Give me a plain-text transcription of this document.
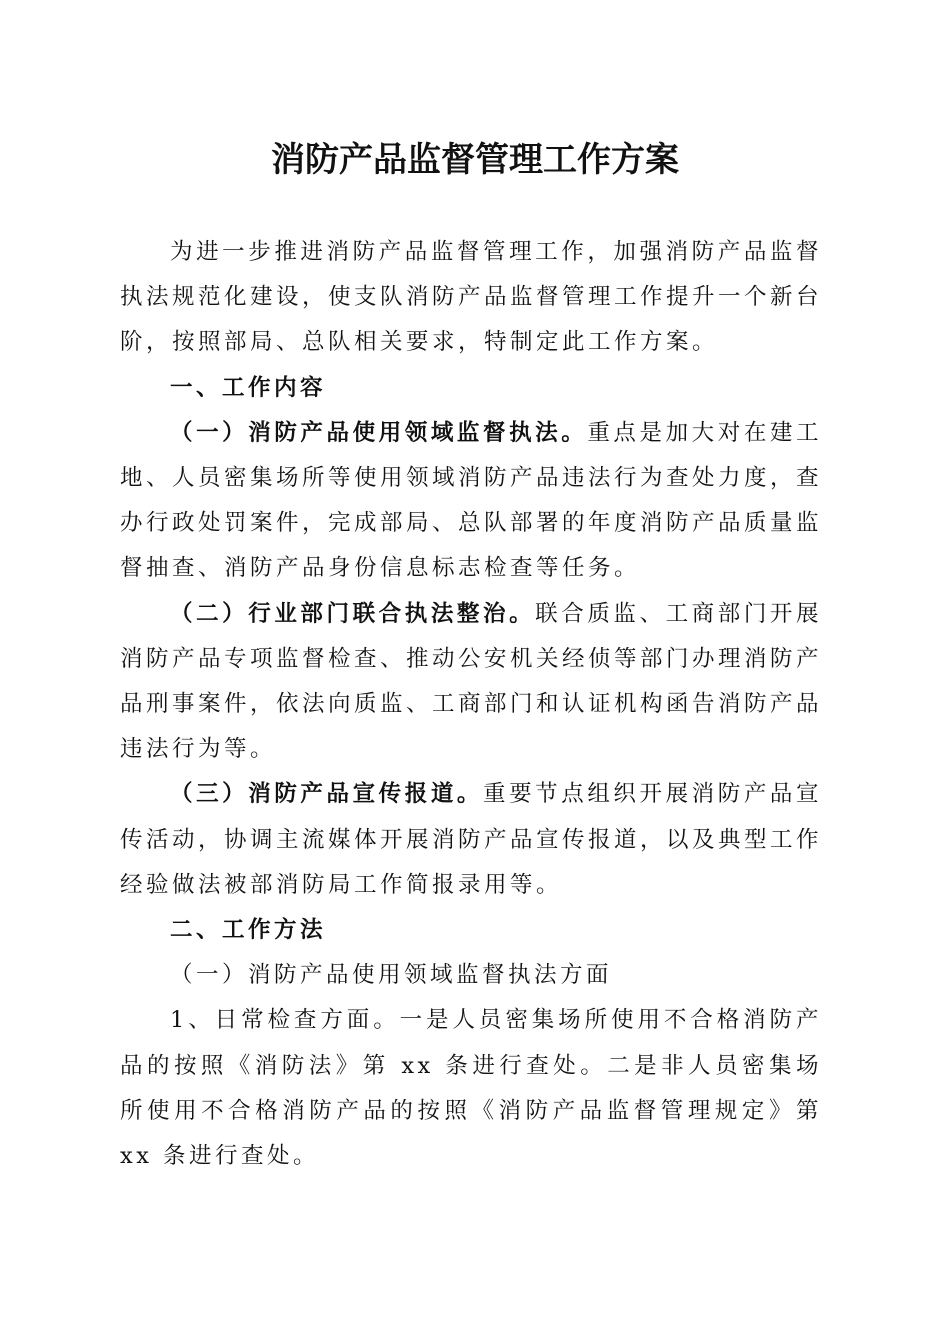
消防产品监督管理工作方案

为进一步推进消防产品监督管理工作，加强消防产品监督执法规范化建设，使支队消防产品监督管理工作提升一个新台阶，按照部局、总队相关要求，特制定此工作方案。

一、工作内容

（一）消防产品使用领域监督执法。重点是加大对在建工地、人员密集场所等使用领域消防产品违法行为查处力度，查办行政处罚案件，完成部局、总队部署的年度消防产品质量监督抽查、消防产品身份信息标志检查等任务。

（二）行业部门联合执法整治。联合质监、工商部门开展消防产品专项监督检查、推动公安机关经侦等部门办理消防产品刑事案件，依法向质监、工商部门和认证机构函告消防产品违法行为等。

（三）消防产品宣传报道。重要节点组织开展消防产品宣传活动，协调主流媒体开展消防产品宣传报道，以及典型工作经验做法被部消防局工作简报录用等。

二、工作方法

（一）消防产品使用领域监督执法方面

1、日常检查方面。一是人员密集场所使用不合格消防产品的按照《消防法》第 xx 条进行查处。二是非人员密集场所使用不合格消防产品的按照《消防产品监督管理规定》第 xx 条进行查处。
